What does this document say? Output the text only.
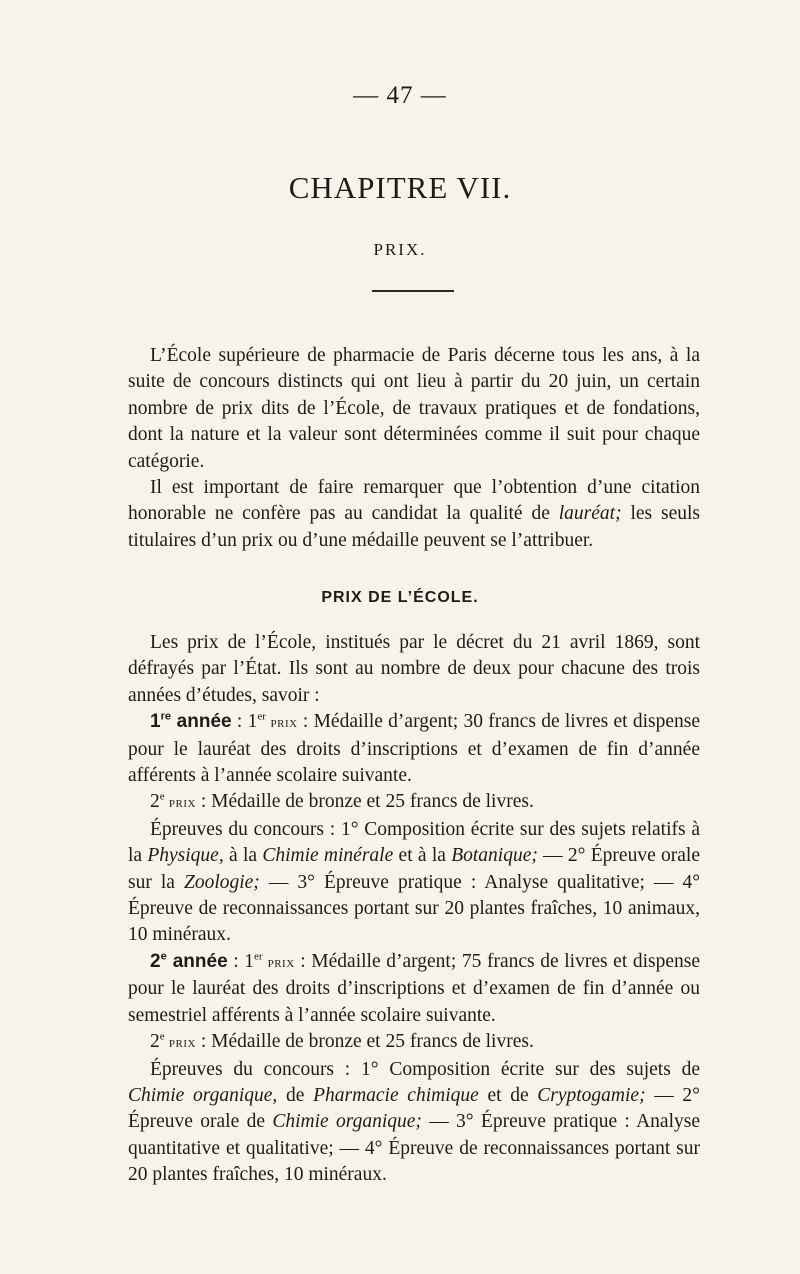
— 47 —
CHAPITRE VII.
PRIX.

L’École supérieure de pharmacie de Paris décerne tous les ans, à la suite de concours distincts qui ont lieu à partir du 20 juin, un certain nombre de prix dits de l’École, de travaux pratiques et de fondations, dont la nature et la valeur sont déterminées comme il suit pour chaque catégorie.

Il est important de faire remarquer que l’obtention d’une citation honorable ne confère pas au candidat la qualité de lauréat; les seuls titulaires d’un prix ou d’une médaille peuvent se l’attribuer.

PRIX DE L’ÉCOLE.

Les prix de l’École, institués par le décret du 21 avril 1869, sont défrayés par l’État. Ils sont au nombre de deux pour chacune des trois années d’études, savoir :

1re année : 1er prix : Médaille d’argent; 30 francs de livres et dispense pour le lauréat des droits d’inscriptions et d’examen de fin d’année afférents à l’année scolaire suivante.

2e prix : Médaille de bronze et 25 francs de livres.

Épreuves du concours : 1° Composition écrite sur des sujets relatifs à la Physique, à la Chimie minérale et à la Botanique; — 2° Épreuve orale sur la Zoologie; — 3° Épreuve pratique : Analyse qualitative; — 4° Épreuve de reconnaissances portant sur 20 plantes fraîches, 10 animaux, 10 minéraux.

2e année : 1er prix : Médaille d’argent; 75 francs de livres et dispense pour le lauréat des droits d’inscriptions et d’examen de fin d’année ou semestriel afférents à l’année scolaire suivante.

2e prix : Médaille de bronze et 25 francs de livres.

Épreuves du concours : 1° Composition écrite sur des sujets de Chimie organique, de Pharmacie chimique et de Cryptogamie; — 2° Épreuve orale de Chimie organique; — 3° Épreuve pratique : Analyse quantitative et qualitative; — 4° Épreuve de reconnaissances portant sur 20 plantes fraîches, 10 minéraux.
